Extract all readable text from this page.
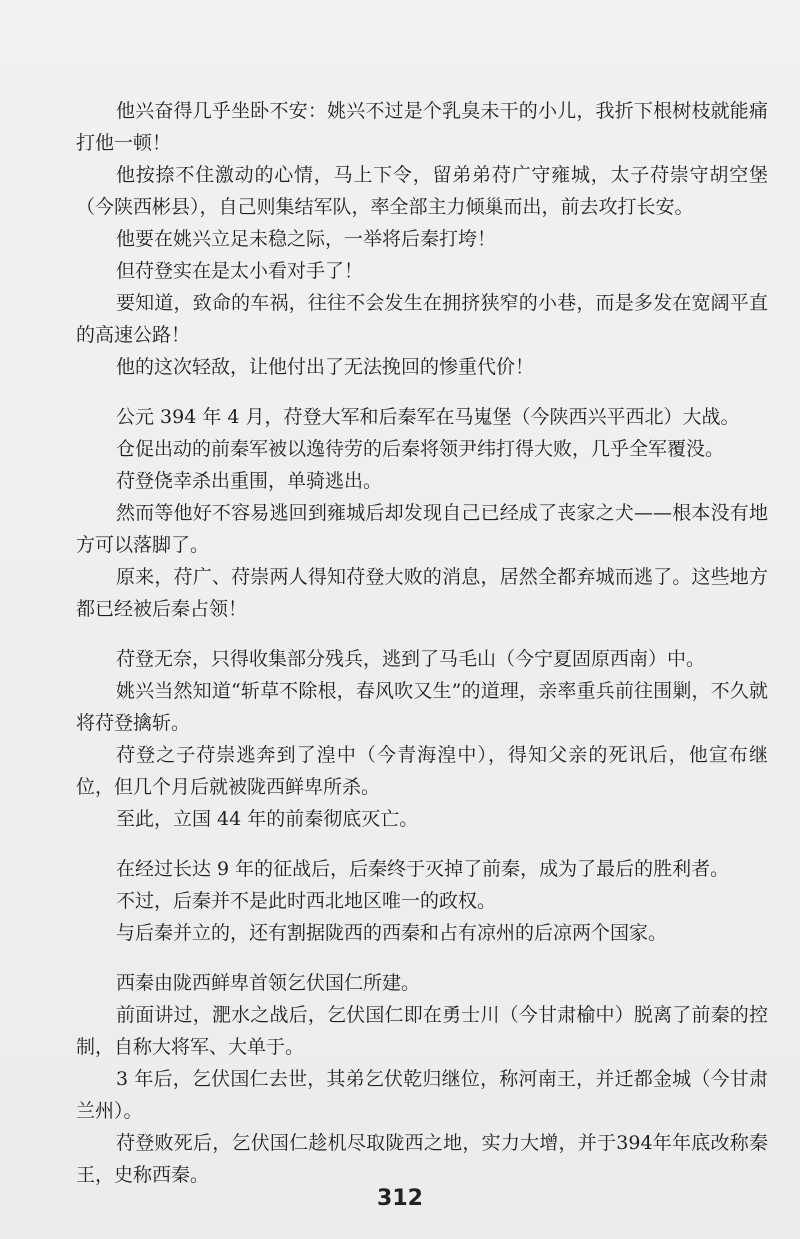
他兴奋得几乎坐卧不安：姚兴不过是个乳臭未干的小儿，我折下根树枝就能痛打他一顿！

他按捺不住激动的心情，马上下令，留弟弟苻广守雍城，太子苻崇守胡空堡（今陕西彬县），自己则集结军队，率全部主力倾巢而出，前去攻打长安。

他要在姚兴立足未稳之际，一举将后秦打垮！

但苻登实在是太小看对手了！

要知道，致命的车祸，往往不会发生在拥挤狭窄的小巷，而是多发在宽阔平直的高速公路！

他的这次轻敌，让他付出了无法挽回的惨重代价！

公元 394 年 4 月，苻登大军和后秦军在马嵬堡（今陕西兴平西北）大战。

仓促出动的前秦军被以逸待劳的后秦将领尹纬打得大败，几乎全军覆没。

苻登侥幸杀出重围，单骑逃出。

然而等他好不容易逃回到雍城后却发现自己已经成了丧家之犬——根本没有地方可以落脚了。

原来，苻广、苻崇两人得知苻登大败的消息，居然全都弃城而逃了。这些地方都已经被后秦占领！

苻登无奈，只得收集部分残兵，逃到了马毛山（今宁夏固原西南）中。

姚兴当然知道“斩草不除根，春风吹又生”的道理，亲率重兵前往围剿，不久就将苻登擒斩。

苻登之子苻崇逃奔到了湟中（今青海湟中），得知父亲的死讯后，他宣布继位，但几个月后就被陇西鲜卑所杀。

至此，立国 44 年的前秦彻底灭亡。

在经过长达 9 年的征战后，后秦终于灭掉了前秦，成为了最后的胜利者。

不过，后秦并不是此时西北地区唯一的政权。

与后秦并立的，还有割据陇西的西秦和占有凉州的后凉两个国家。

西秦由陇西鲜卑首领乞伏国仁所建。

前面讲过，淝水之战后，乞伏国仁即在勇士川（今甘肃榆中）脱离了前秦的控制，自称大将军、大单于。

3 年后，乞伏国仁去世，其弟乞伏乾归继位，称河南王，并迁都金城（今甘肃兰州）。

苻登败死后，乞伏国仁趁机尽取陇西之地，实力大增，并于394年年底改称秦王，史称西秦。

312
